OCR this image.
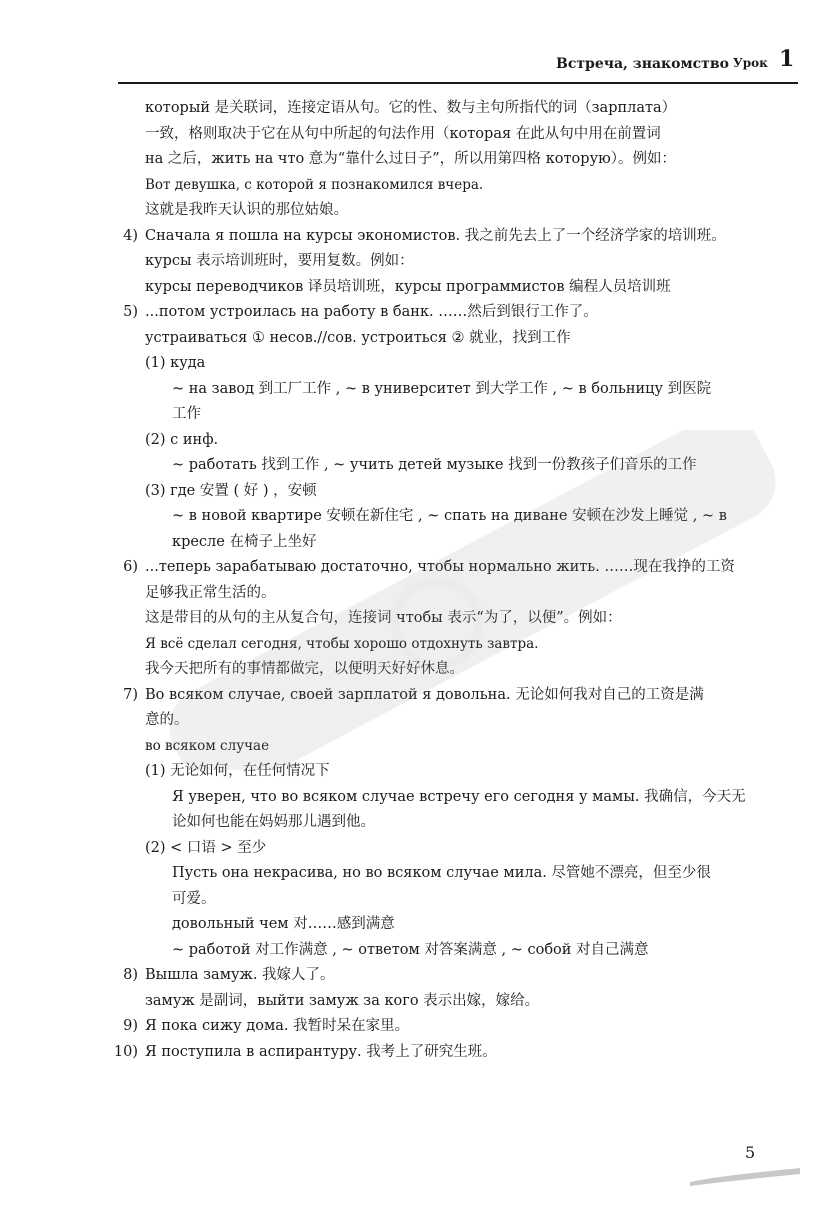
Встреча, знакомство Урок 1
который 是关联词，连接定语从句。它的性、数与主句所指代的词（зарплата）
一致，格则取决于它在从句中所起的句法作用（которая 在此从句中用在前置词
на 之后，жить на что 意为“靠什么过日子”，所以用第四格 которую）。例如：
Вот девушка, с которой я познакомился вчера.
这就是我昨天认识的那位姑娘。
4) Сначала я пошла на курсы экономистов. 我之前先去上了一个经济学家的培训班。
курсы 表示培训班时，要用复数。例如：
курсы переводчиков 译员培训班，курсы программистов 编程人员培训班
5) ...потом устроилась на работу в банк. ……然后到银行工作了。
устраиваться ① несов.//сов. устроиться ② 就业，找到工作
(1) куда
~ на завод 到工厂工作 , ~ в университет 到大学工作 , ~ в больницу 到医院
工作
(2) с инф.
~ работать 找到工作 , ~ учить детей музыке 找到一份教孩子们音乐的工作
(3) где 安置 ( 好 ) ，安顿
~ в новой квартире 安顿在新住宅 , ~ спать на диване 安顿在沙发上睡觉 , ~ в
кресле 在椅子上坐好
6) ...теперь зарабатываю достаточно, чтобы нормально жить. ……现在我挣的工资
足够我正常生活的。
这是带目的从句的主从复合句，连接词 чтобы 表示“为了，以便”。例如：
Я всё сделал сегодня, чтобы хорошо отдохнуть завтра.
我今天把所有的事情都做完，以便明天好好休息。
7) Во всяком случае, своей зарплатой я довольна. 无论如何我对自己的工资是满
意的。
во всяком случае
(1) 无论如何，在任何情况下
Я уверен, что во всяком случае встречу его сегодня у мамы. 我确信，今天无
论如何也能在妈妈那儿遇到他。
(2) < 口语 > 至少
Пусть она некрасива, но во всяком случае мила. 尽管她不漂亮，但至少很
可爱。
довольный чем 对……感到满意
~ работой 对工作满意 , ~ ответом 对答案满意 , ~ собой 对自己满意
8) Вышла замуж. 我嫁人了。
замуж 是副词，выйти замуж за кого 表示出嫁，嫁给。
9) Я пока сижу дома. 我暂时呆在家里。
10) Я поступила в аспирантуру. 我考上了研究生班。
5
